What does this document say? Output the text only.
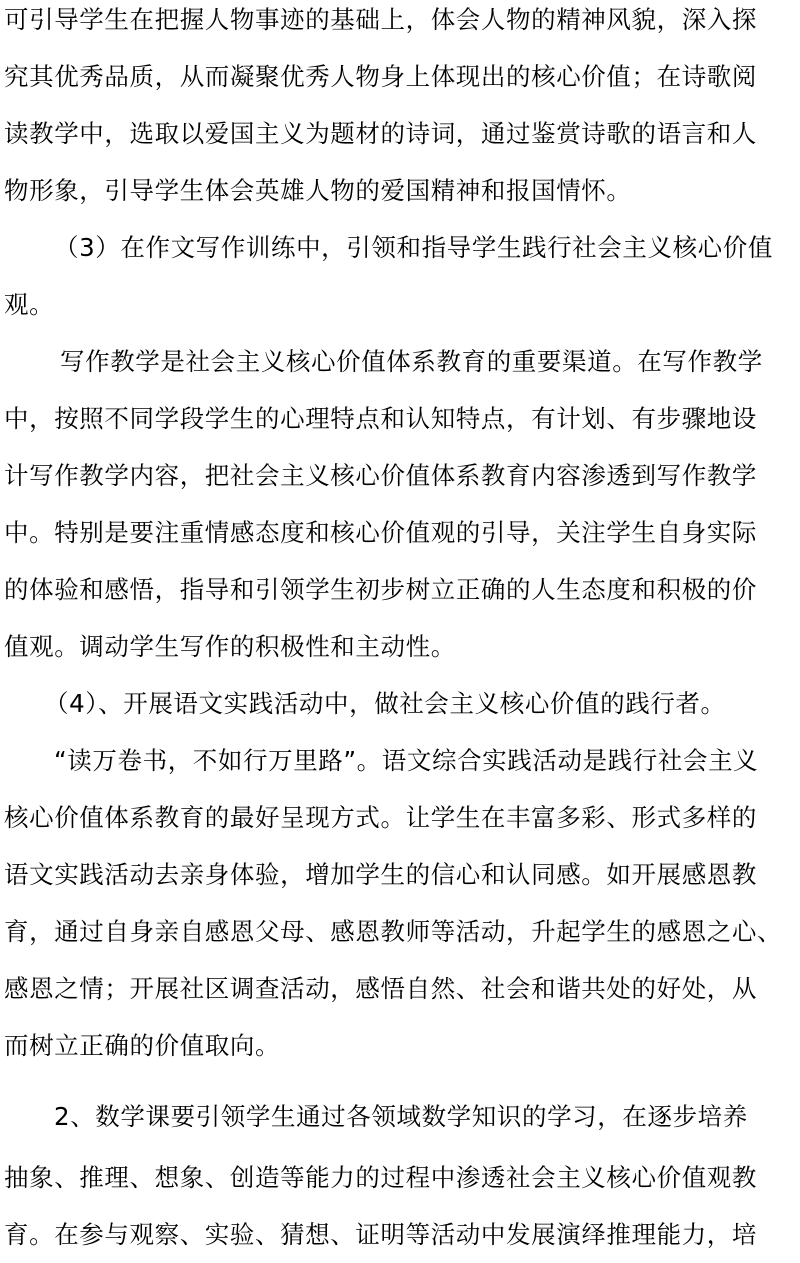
可引导学生在把握人物事迹的基础上，体会人物的精神风貌，深入探
究其优秀品质，从而凝聚优秀人物身上体现出的核心价值；在诗歌阅
读教学中，选取以爱国主义为题材的诗词，通过鉴赏诗歌的语言和人
物形象，引导学生体会英雄人物的爱国精神和报国情怀。
（3）在作文写作训练中，引领和指导学生践行社会主义核心价值
观。
写作教学是社会主义核心价值体系教育的重要渠道。在写作教学
中，按照不同学段学生的心理特点和认知特点，有计划、有步骤地设
计写作教学内容，把社会主义核心价值体系教育内容渗透到写作教学
中。特别是要注重情感态度和核心价值观的引导，关注学生自身实际
的体验和感悟，指导和引领学生初步树立正确的人生态度和积极的价
值观。调动学生写作的积极性和主动性。
（4）、开展语文实践活动中，做社会主义核心价值的践行者。
“读万卷书，不如行万里路”。语文综合实践活动是践行社会主义
核心价值体系教育的最好呈现方式。让学生在丰富多彩、形式多样的
语文实践活动去亲身体验，增加学生的信心和认同感。如开展感恩教
育，通过自身亲自感恩父母、感恩教师等活动，升起学生的感恩之心、
感恩之情；开展社区调查活动，感悟自然、社会和谐共处的好处，从
而树立正确的价值取向。
2、数学课要引领学生通过各领域数学知识的学习，在逐步培养
抽象、推理、想象、创造等能力的过程中渗透社会主义核心价值观教
育。在参与观察、实验、猜想、证明等活动中发展演绎推理能力，培
